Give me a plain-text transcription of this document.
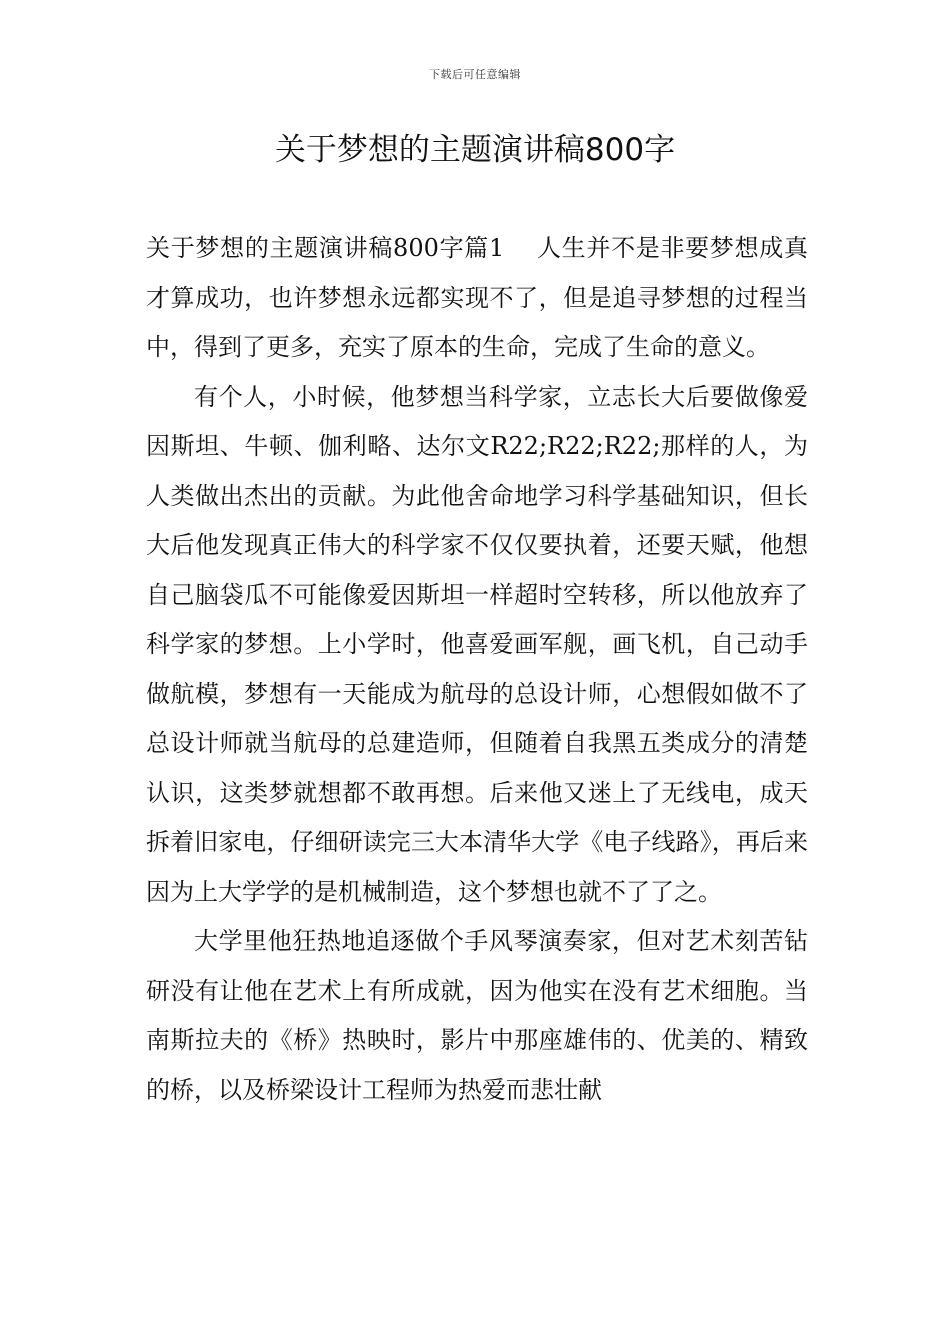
下载后可任意编辑
关于梦想的主题演讲稿800字

关于梦想的主题演讲稿800字篇1 人生并不是非要梦想成真才算成功，也许梦想永远都实现不了，但是追寻梦想的过程当中，得到了更多，充实了原本的生命，完成了生命的意义。

有个人，小时候，他梦想当科学家，立志长大后要做像爱因斯坦、牛顿、伽利略、达尔文R22;R22;R22;那样的人，为人类做出杰出的贡献。为此他舍命地学习科学基础知识，但长大后他发现真正伟大的科学家不仅仅要执着，还要天赋，他想自己脑袋瓜不可能像爱因斯坦一样超时空转移，所以他放弃了科学家的梦想。上小学时，他喜爱画军舰，画飞机，自己动手做航模，梦想有一天能成为航母的总设计师，心想假如做不了总设计师就当航母的总建造师，但随着自我黑五类成分的清楚认识，这类梦就想都不敢再想。后来他又迷上了无线电，成天拆着旧家电，仔细研读完三大本清华大学《电子线路》，再后来因为上大学学的是机械制造，这个梦想也就不了了之。

大学里他狂热地追逐做个手风琴演奏家，但对艺术刻苦钻研没有让他在艺术上有所成就，因为他实在没有艺术细胞。当南斯拉夫的《桥》热映时，影片中那座雄伟的、优美的、精致的桥，以及桥梁设计工程师为热爱而悲壮献
